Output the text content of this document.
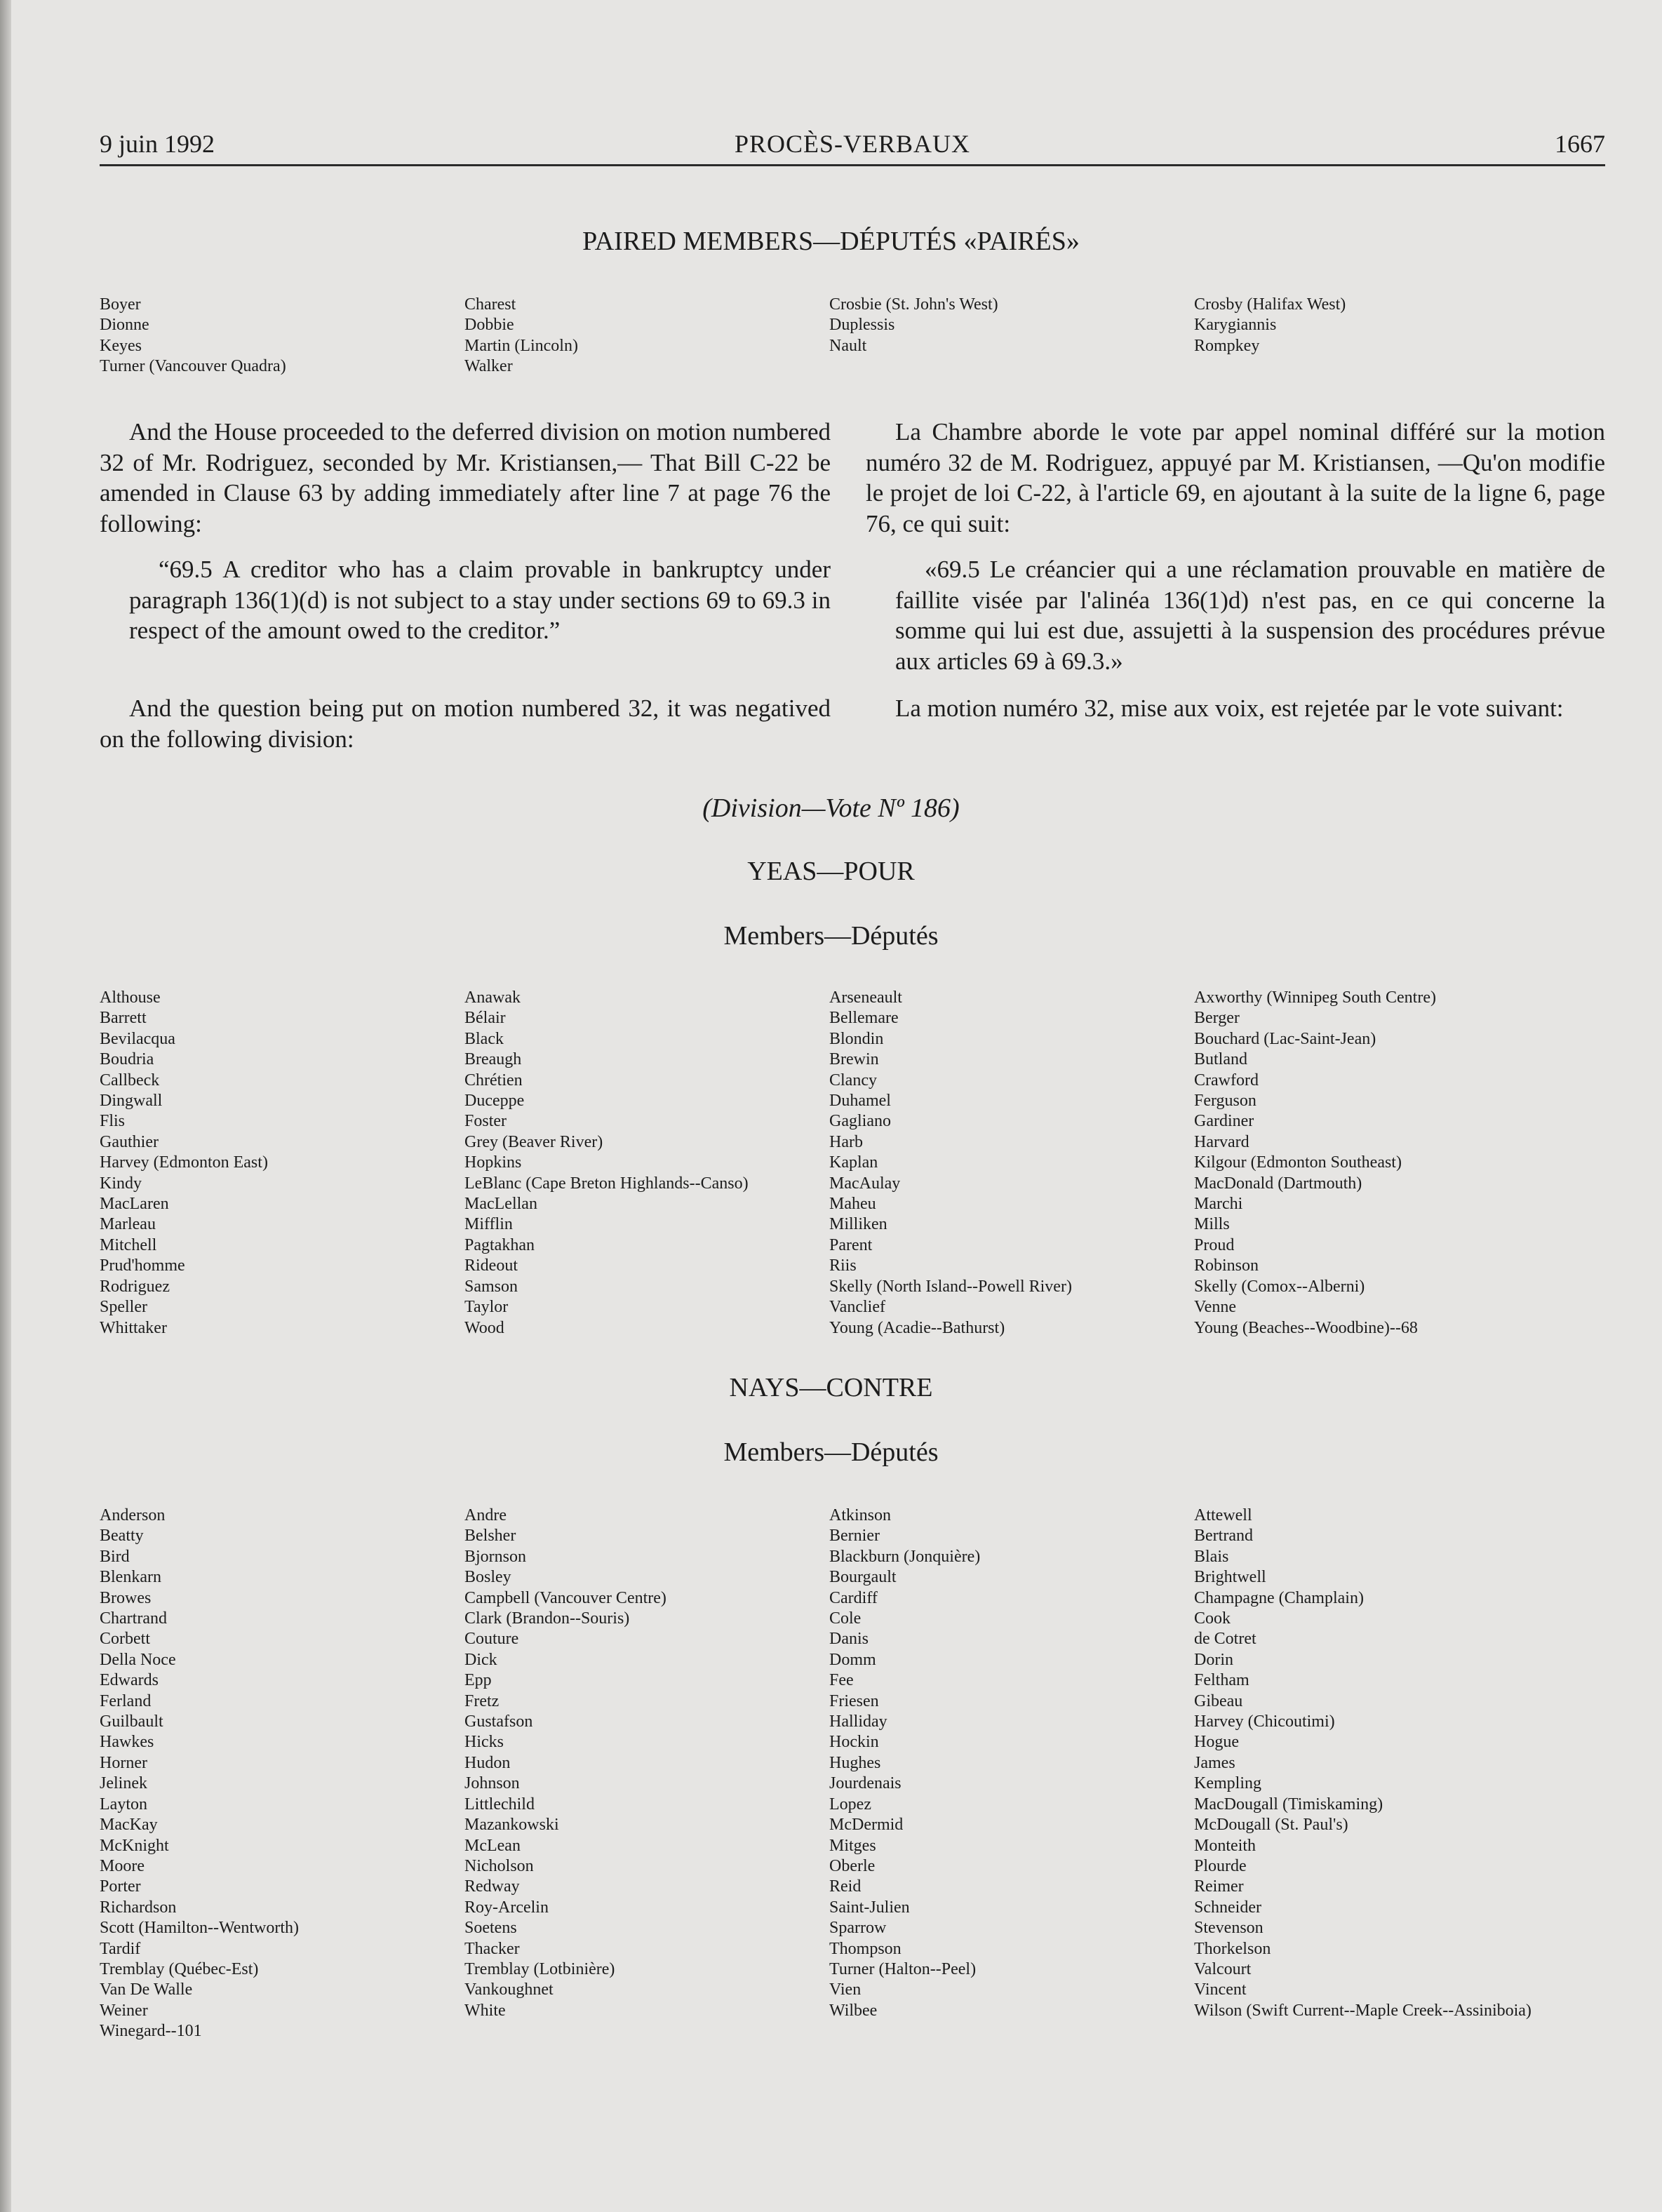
9 juin 1992	PROCÈS-VERBAUX	1667
PAIRED MEMBERS—DÉPUTÉS «PAIRÉS»
Boyer
Dionne
Keyes
Turner (Vancouver Quadra)
Charest
Dobbie
Martin (Lincoln)
Walker
Crosbie (St. John's West)
Duplessis
Nault
Crosby (Halifax West)
Karygiannis
Rompkey
And the House proceeded to the deferred division on motion numbered 32 of Mr. Rodriguez, seconded by Mr. Kristiansen,— That Bill C-22 be amended in Clause 63 by adding immediately after line 7 at page 76 the following:
“69.5 A creditor who has a claim provable in bankruptcy under paragraph 136(1)(d) is not subject to a stay under sections 69 to 69.3 in respect of the amount owed to the creditor.”
And the question being put on motion numbered 32, it was negatived on the following division:
La Chambre aborde le vote par appel nominal différé sur la motion numéro 32 de M. Rodriguez, appuyé par M. Kristiansen, —Qu'on modifie le projet de loi C-22, à l'article 69, en ajoutant à la suite de la ligne 6, page 76, ce qui suit:
«69.5 Le créancier qui a une réclamation prouvable en matière de faillite visée par l'alinéa 136(1)d) n'est pas, en ce qui concerne la somme qui lui est due, assujetti à la suspension des procédures prévue aux articles 69 à 69.3.»
La motion numéro 32, mise aux voix, est rejetée par le vote suivant:
(Division—Vote Nº 186)
YEAS—POUR
Members—Députés
Althouse
Barrett
Bevilacqua
Boudria
Callbeck
Dingwall
Flis
Gauthier
Harvey (Edmonton East)
Kindy
MacLaren
Marleau
Mitchell
Prud'homme
Rodriguez
Speller
Whittaker
Anawak
Bélair
Black
Breaugh
Chrétien
Duceppe
Foster
Grey (Beaver River)
Hopkins
LeBlanc (Cape Breton Highlands--Canso)
MacLellan
Mifflin
Pagtakhan
Rideout
Samson
Taylor
Wood
Arseneault
Bellemare
Blondin
Brewin
Clancy
Duhamel
Gagliano
Harb
Kaplan
MacAulay
Maheu
Milliken
Parent
Riis
Skelly (North Island--Powell River)
Vanclief
Young (Acadie--Bathurst)
Axworthy (Winnipeg South Centre)
Berger
Bouchard (Lac-Saint-Jean)
Butland
Crawford
Ferguson
Gardiner
Harvard
Kilgour (Edmonton Southeast)
MacDonald (Dartmouth)
Marchi
Mills
Proud
Robinson
Skelly (Comox--Alberni)
Venne
Young (Beaches--Woodbine)--68
NAYS—CONTRE
Members—Députés
Anderson
Beatty
Bird
Blenkarn
Browes
Chartrand
Corbett
Della Noce
Edwards
Ferland
Guilbault
Hawkes
Horner
Jelinek
Layton
MacKay
McKnight
Moore
Porter
Richardson
Scott (Hamilton--Wentworth)
Tardif
Tremblay (Québec-Est)
Van De Walle
Weiner
Winegard--101
Andre
Belsher
Bjornson
Bosley
Campbell (Vancouver Centre)
Clark (Brandon--Souris)
Couture
Dick
Epp
Fretz
Gustafson
Hicks
Hudon
Johnson
Littlechild
Mazankowski
McLean
Nicholson
Redway
Roy-Arcelin
Soetens
Thacker
Tremblay (Lotbinière)
Vankoughnet
White
Atkinson
Bernier
Blackburn (Jonquière)
Bourgault
Cardiff
Cole
Danis
Domm
Fee
Friesen
Halliday
Hockin
Hughes
Jourdenais
Lopez
McDermid
Mitges
Oberle
Reid
Saint-Julien
Sparrow
Thompson
Turner (Halton--Peel)
Vien
Wilbee
Attewell
Bertrand
Blais
Brightwell
Champagne (Champlain)
Cook
de Cotret
Dorin
Feltham
Gibeau
Harvey (Chicoutimi)
Hogue
James
Kempling
MacDougall (Timiskaming)
McDougall (St. Paul's)
Monteith
Plourde
Reimer
Schneider
Stevenson
Thorkelson
Valcourt
Vincent
Wilson (Swift Current--Maple Creek--Assiniboia)
